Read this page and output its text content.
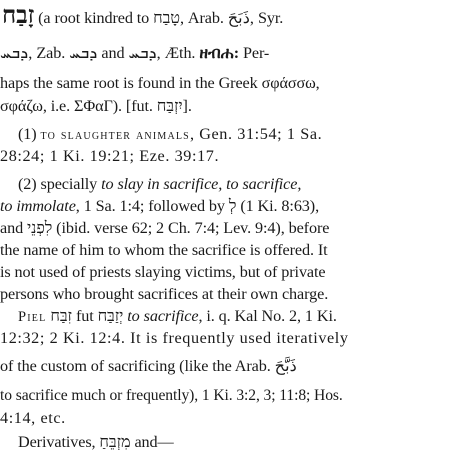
זָבַח (a root kindred to טָבַח, Arab. ذَبَحَ, Syr.
ܕܒܚ, Zab. ܕܒܚ and ܕܒܚ, Æth. ዘብሐ: Per-
haps the same root is found in the Greek σφάσσω,
σφάζω, i.e. ΣΦαΓ). [fut. יִזְבַּח].
(1) to slaughter animals, Gen. 31:54; 1 Sa.
28:24; 1 Ki. 19:21; Eze. 39:17.
(2) specially to slay in sacrifice, to sacrifice,
to immolate, 1 Sa. 1:4; followed by לְ (1 Ki. 8:63),
and לִפְנֵי (ibid. verse 62; 2 Ch. 7:4; Lev. 9:4), before
the name of him to whom the sacrifice is offered. It
is not used of priests slaying victims, but of private
persons who brought sacrifices at their own charge.
Piel זִבַּח fut יְזַבַּח to sacrifice, i. q. Kal No. 2, 1 Ki.
12:32; 2 Ki. 12:4. It is frequently used iteratively
of the custom of sacrificing (like the Arab. ذَبَّحَ
to sacrifice much or frequently), 1 Ki. 3:2, 3; 11:8; Hos.
4:14, etc.
Derivatives, מִזְבֵּחַ and—
